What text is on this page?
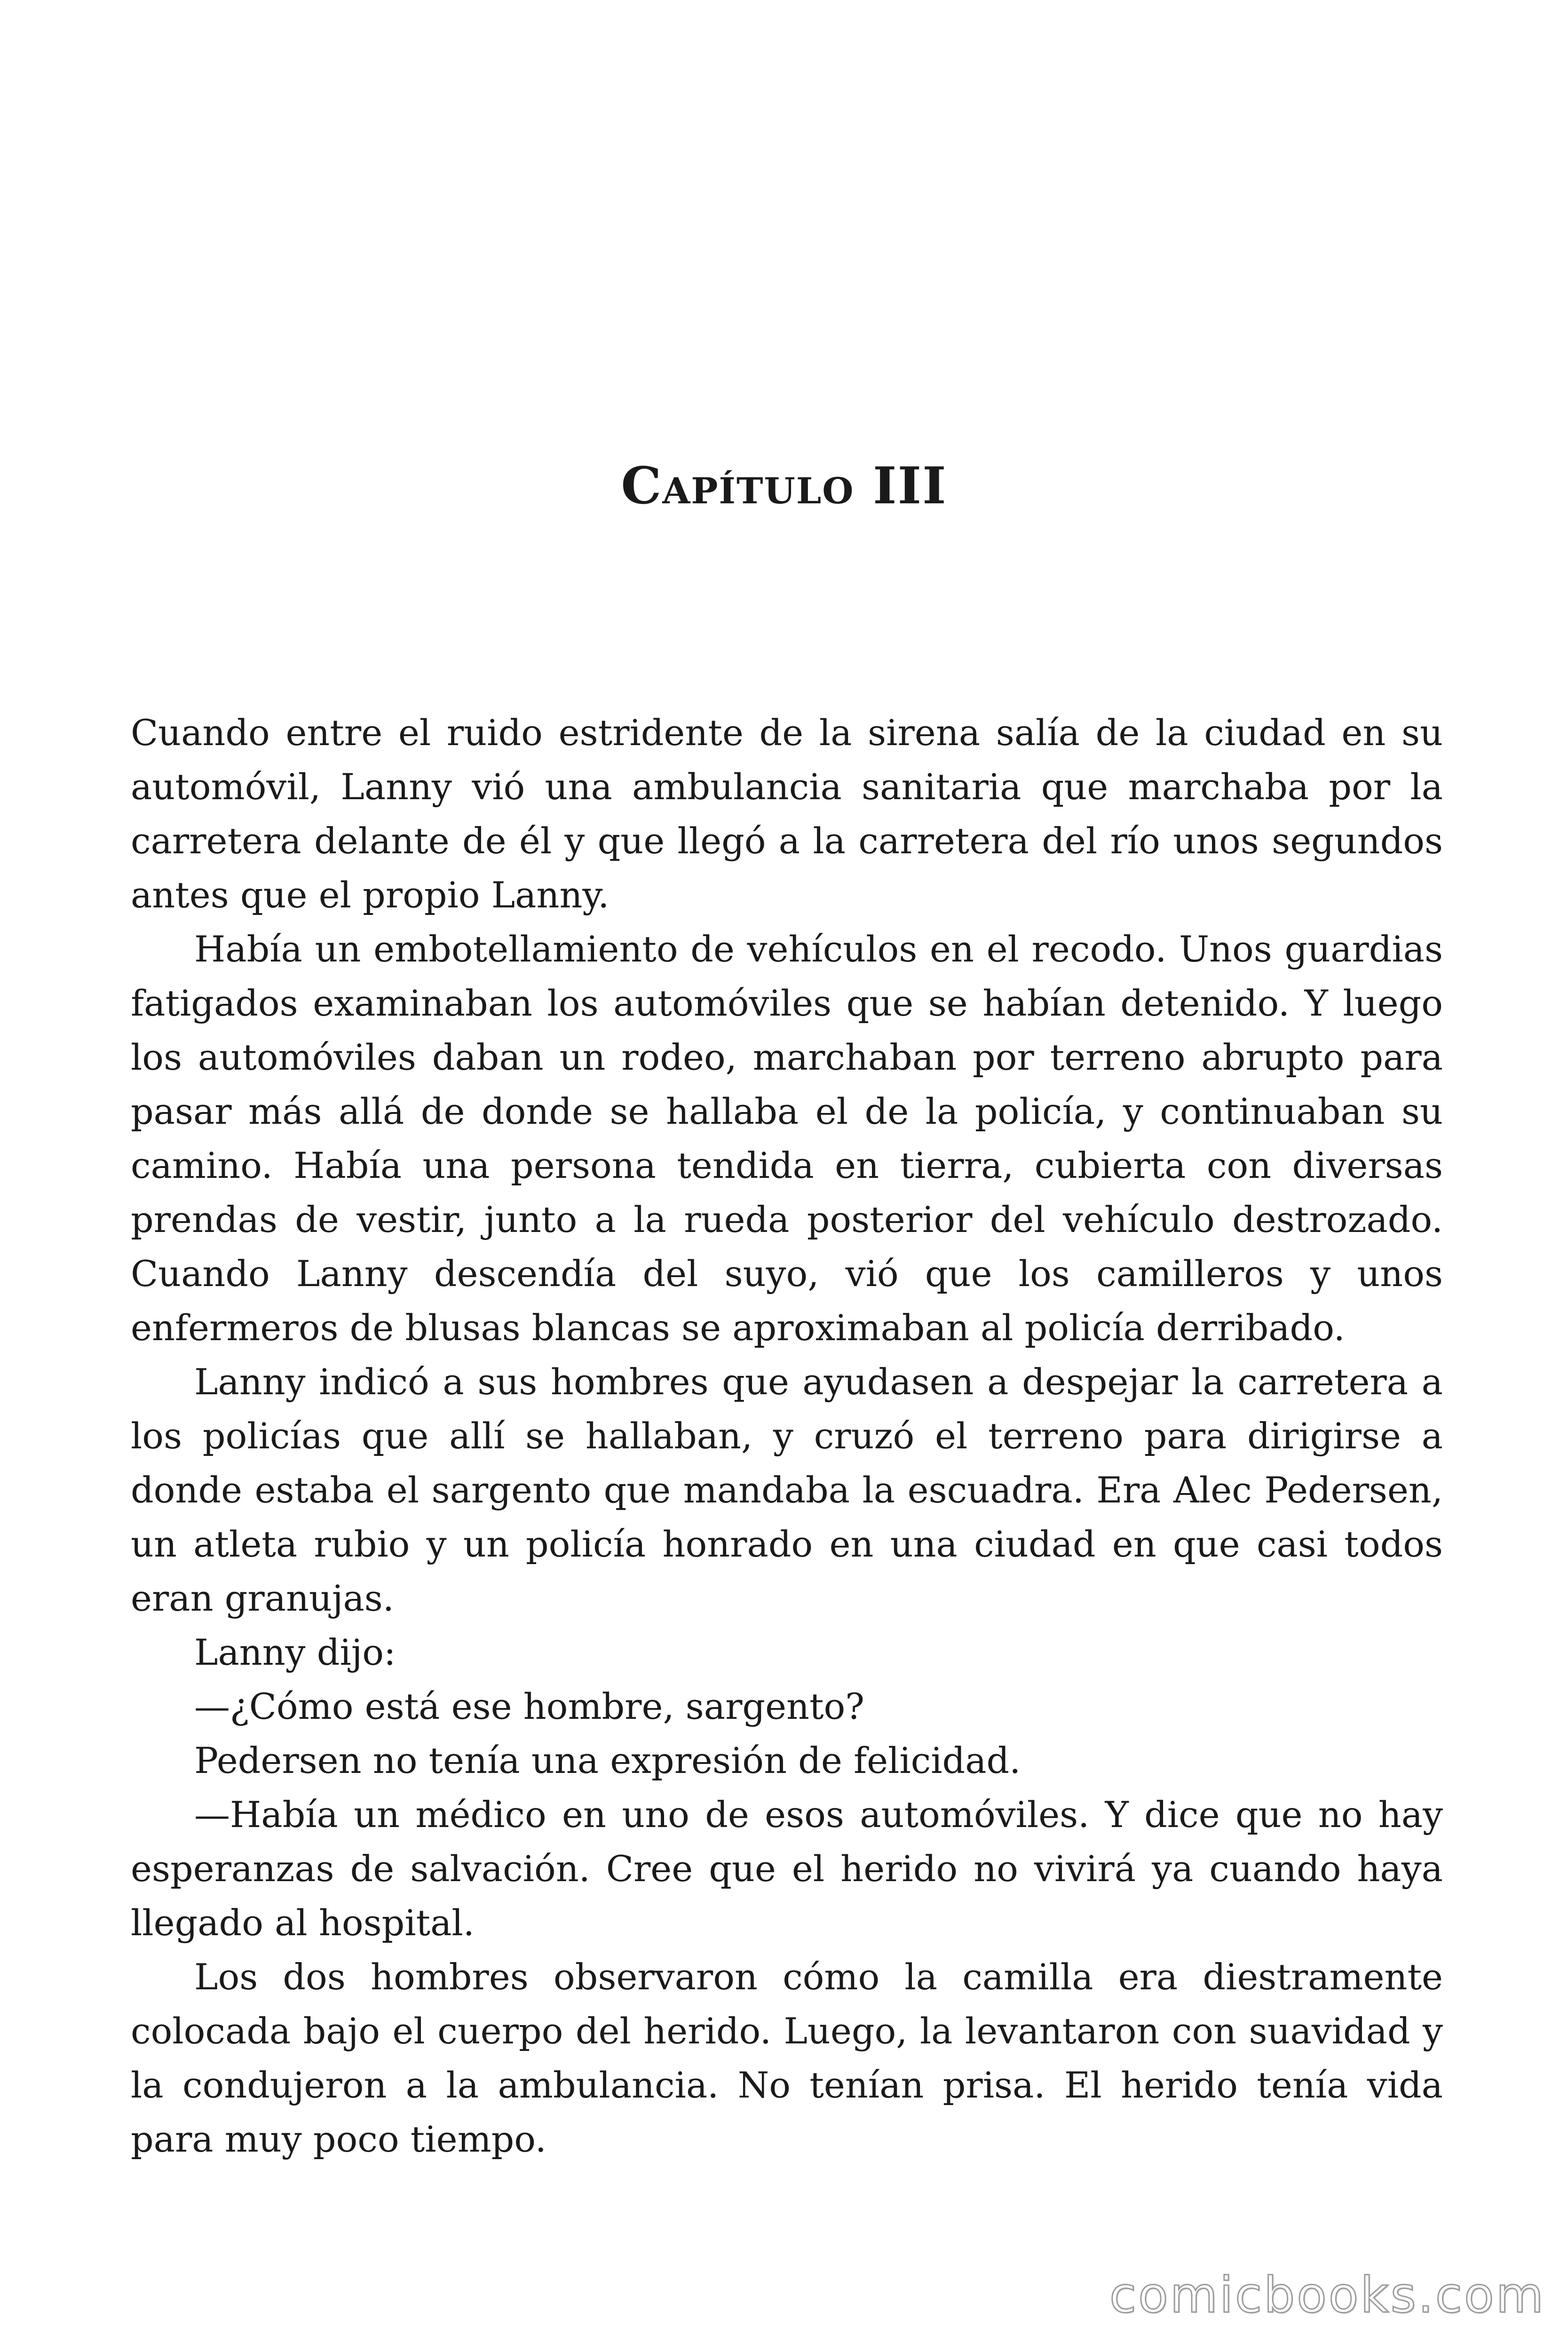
Capítulo III

Cuando entre el ruido estridente de la sirena salía de la ciudad en su automóvil, Lanny vió una ambulancia sanitaria que marchaba por la carretera delante de él y que llegó a la carretera del río unos segundos antes que el propio Lanny.

Había un embotellamiento de vehículos en el recodo. Unos guardias fatigados examinaban los automóviles que se habían detenido. Y luego los automóviles daban un rodeo, marchaban por terreno abrupto para pasar más allá de donde se hallaba el de la policía, y continuaban su camino. Había una persona tendida en tierra, cubierta con diversas prendas de vestir, junto a la rueda posterior del vehículo destrozado. Cuando Lanny descendía del suyo, vió que los camilleros y unos enfermeros de blusas blancas se aproximaban al policía derribado.

Lanny indicó a sus hombres que ayudasen a despejar la carretera a los policías que allí se hallaban, y cruzó el terreno para dirigirse a donde estaba el sargento que mandaba la escuadra. Era Alec Pedersen, un atleta rubio y un policía honrado en una ciudad en que casi todos eran granujas.

Lanny dijo:

—¿Cómo está ese hombre, sargento?

Pedersen no tenía una expresión de felicidad.

—Había un médico en uno de esos automóviles. Y dice que no hay esperanzas de salvación. Cree que el herido no vivirá ya cuando haya llegado al hospital.

Los dos hombres observaron cómo la camilla era diestramente colocada bajo el cuerpo del herido. Luego, la levantaron con suavidad y la condujeron a la ambulancia. No tenían prisa. El herido tenía vida para muy poco tiempo.

comicbooks.com
